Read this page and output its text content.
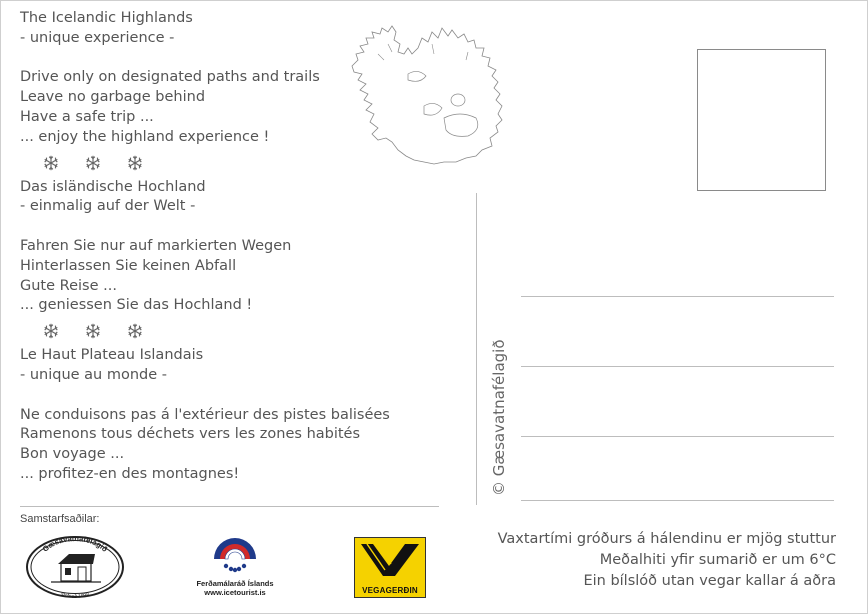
The Icelandic Highlands
- unique experience -
Drive only on designated paths and trails
Leave no garbage behind
Have a safe trip ...
... enjoy the highland experience !
Das isländische Hochland
- einmalig auf der Welt -
Fahren Sie nur auf markierten Wegen
Hinterlassen Sie keinen Abfall
Gute Reise ...
... geniessen Sie das Hochland !
Le Haut Plateau Islandais
- unique au monde -
Ne conduisons pas á l'extérieur des pistes balisées
Ramenons tous déchets vers les zones habités
Bon voyage ...
... profitez-en des montagnes!
Samstarfsaðilar:
Gæsavatnafélagið
stofnað 1999
Ferðamálaráð Íslands
www.icetourist.is	VEGAGERÐIN
© Gæsavatnafélagið
Vaxtartími gróðurs á hálendinu er mjög stuttur
Meðalhiti yfir sumarið er um 6°C
Ein bílslóð utan vegar kallar á aðra
